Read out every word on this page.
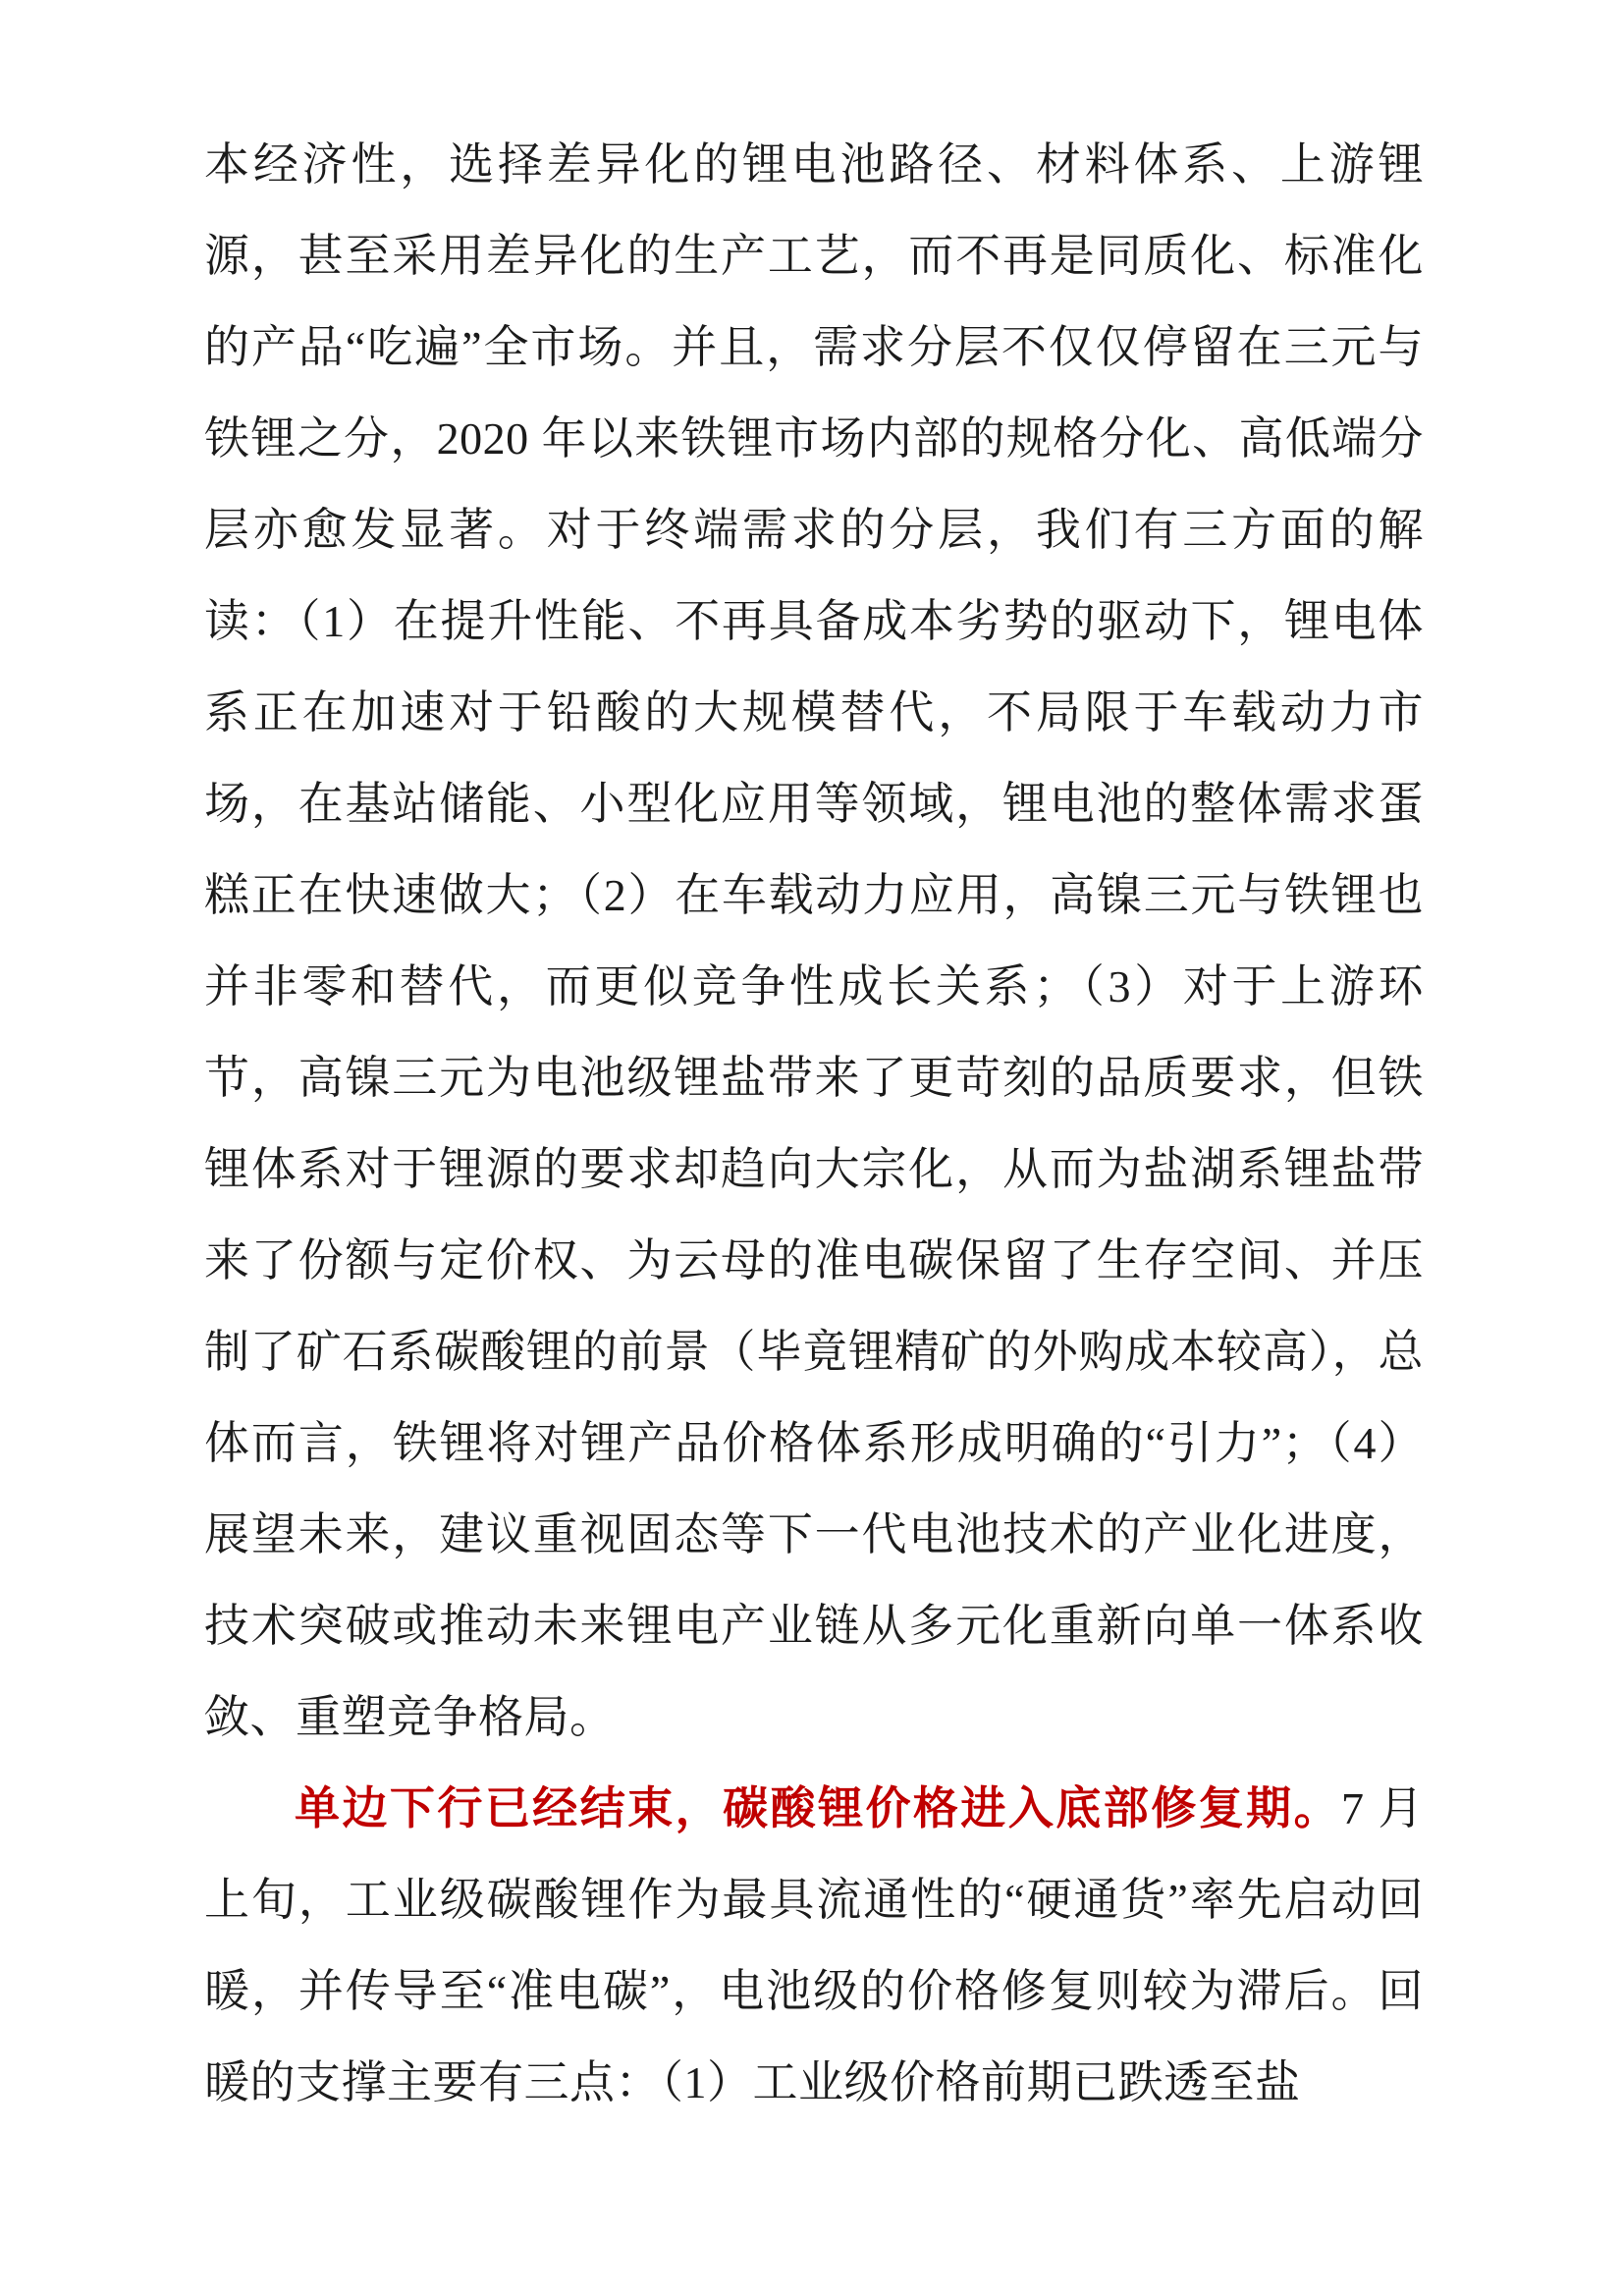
本经济性，选择差异化的锂电池路径、材料体系、上游锂源，甚至采用差异化的生产工艺，而不再是同质化、标准化的产品“吃遍”全市场。并且，需求分层不仅仅停留在三元与铁锂之分，2020 年以来铁锂市场内部的规格分化、高低端分层亦愈发显著。对于终端需求的分层，我们有三方面的解读：（1）在提升性能、不再具备成本劣势的驱动下，锂电体系正在加速对于铅酸的大规模替代，不局限于车载动力市场，在基站储能、小型化应用等领域，锂电池的整体需求蛋糕正在快速做大；（2）在车载动力应用，高镍三元与铁锂也并非零和替代，而更似竞争性成长关系；（3）对于上游环节，高镍三元为电池级锂盐带来了更苛刻的品质要求，但铁锂体系对于锂源的要求却趋向大宗化，从而为盐湖系锂盐带来了份额与定价权、为云母的准电碳保留了生存空间、并压制了矿石系碳酸锂的前景（毕竟锂精矿的外购成本较高），总体而言，铁锂将对锂产品价格体系形成明确的“引力”；（4）展望未来，建议重视固态等下一代电池技术的产业化进度，技术突破或推动未来锂电产业链从多元化重新向单一体系收敛、重塑竞争格局。

单边下行已经结束，碳酸锂价格进入底部修复期。7 月上旬，工业级碳酸锂作为最具流通性的“硬通货”率先启动回暖，并传导至“准电碳”，电池级的价格修复则较为滞后。回暖的支撑主要有三点：（1）工业级价格前期已跌透至盐
